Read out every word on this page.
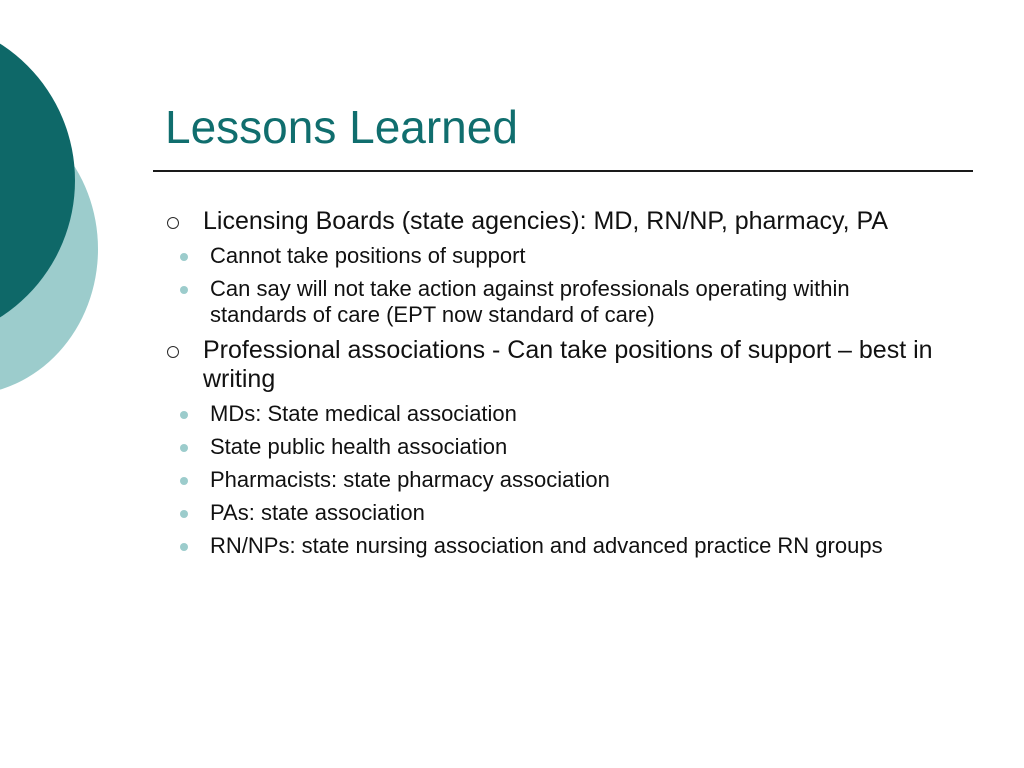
Lessons Learned
Licensing Boards (state agencies): MD, RN/NP, pharmacy, PA
Cannot take positions of support
Can say will not take action against professionals operating within standards of care (EPT now standard of care)
Professional associations - Can take positions of support – best in writing
MDs: State medical association
State public health association
Pharmacists: state pharmacy association
PAs: state association
RN/NPs: state nursing association and advanced practice RN groups
